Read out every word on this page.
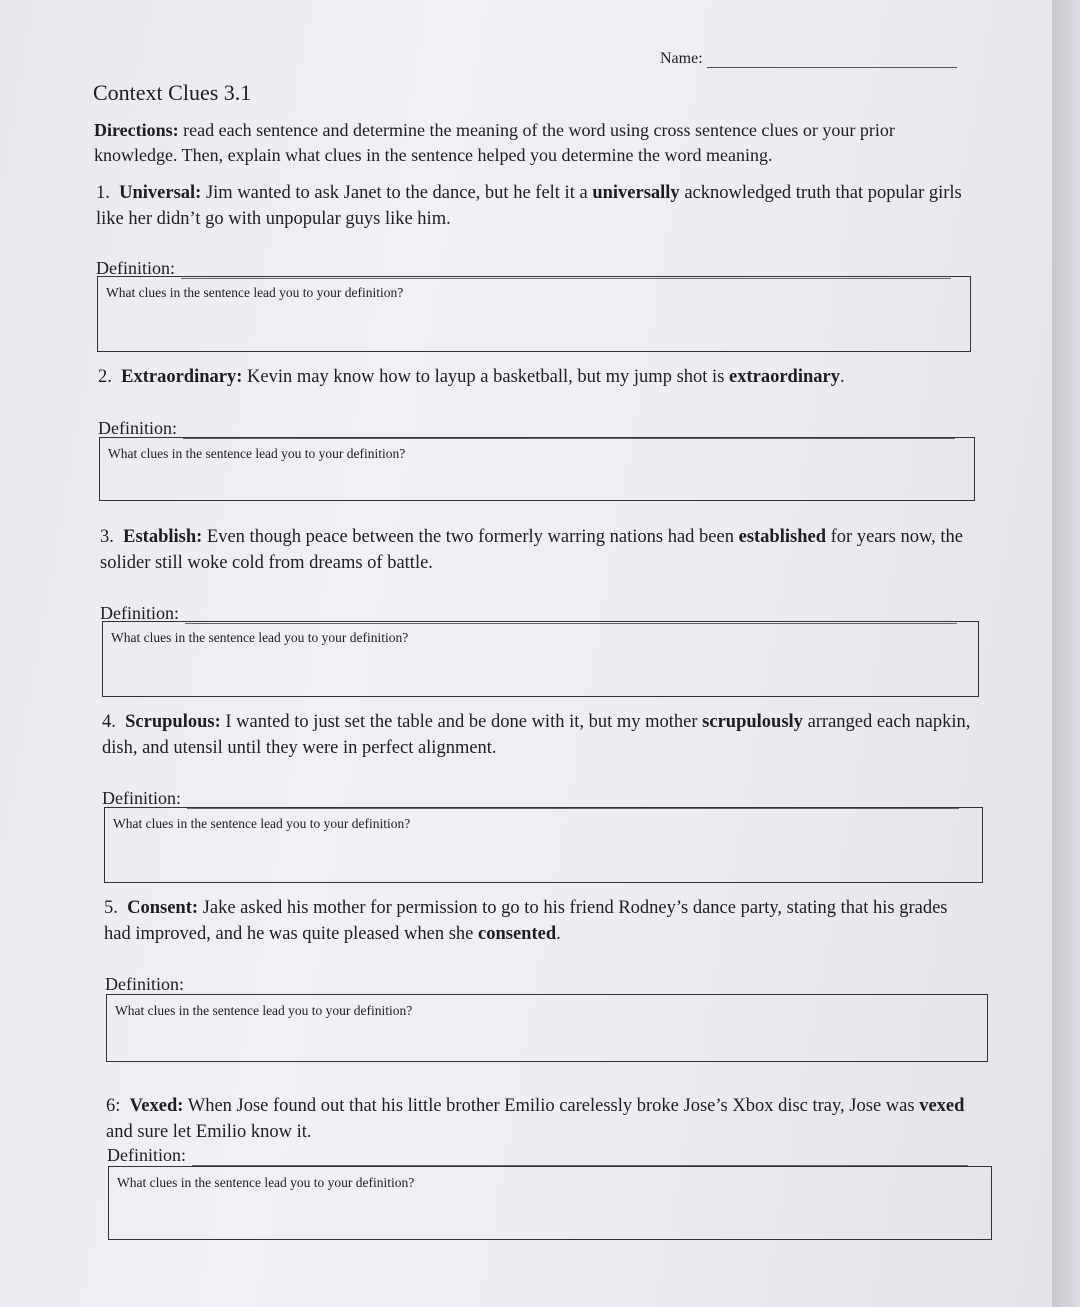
Name:
Context Clues 3.1
Directions: read each sentence and determine the meaning of the word using cross sentence clues or your prior knowledge. Then, explain what clues in the sentence helped you determine the word meaning.
1. Universal: Jim wanted to ask Janet to the dance, but he felt it a universally acknowledged truth that popular girls like her didn’t go with unpopular guys like him.
Definition:
What clues in the sentence lead you to your definition?
2. Extraordinary: Kevin may know how to layup a basketball, but my jump shot is extraordinary.
Definition:
What clues in the sentence lead you to your definition?
3. Establish: Even though peace between the two formerly warring nations had been established for years now, the solider still woke cold from dreams of battle.
Definition:
What clues in the sentence lead you to your definition?
4. Scrupulous: I wanted to just set the table and be done with it, but my mother scrupulously arranged each napkin, dish, and utensil until they were in perfect alignment.
Definition:
What clues in the sentence lead you to your definition?
5. Consent: Jake asked his mother for permission to go to his friend Rodney’s dance party, stating that his grades had improved, and he was quite pleased when she consented.
Definition:
What clues in the sentence lead you to your definition?
6: Vexed: When Jose found out that his little brother Emilio carelessly broke Jose’s Xbox disc tray, Jose was vexed and sure let Emilio know it.
Definition:
What clues in the sentence lead you to your definition?
